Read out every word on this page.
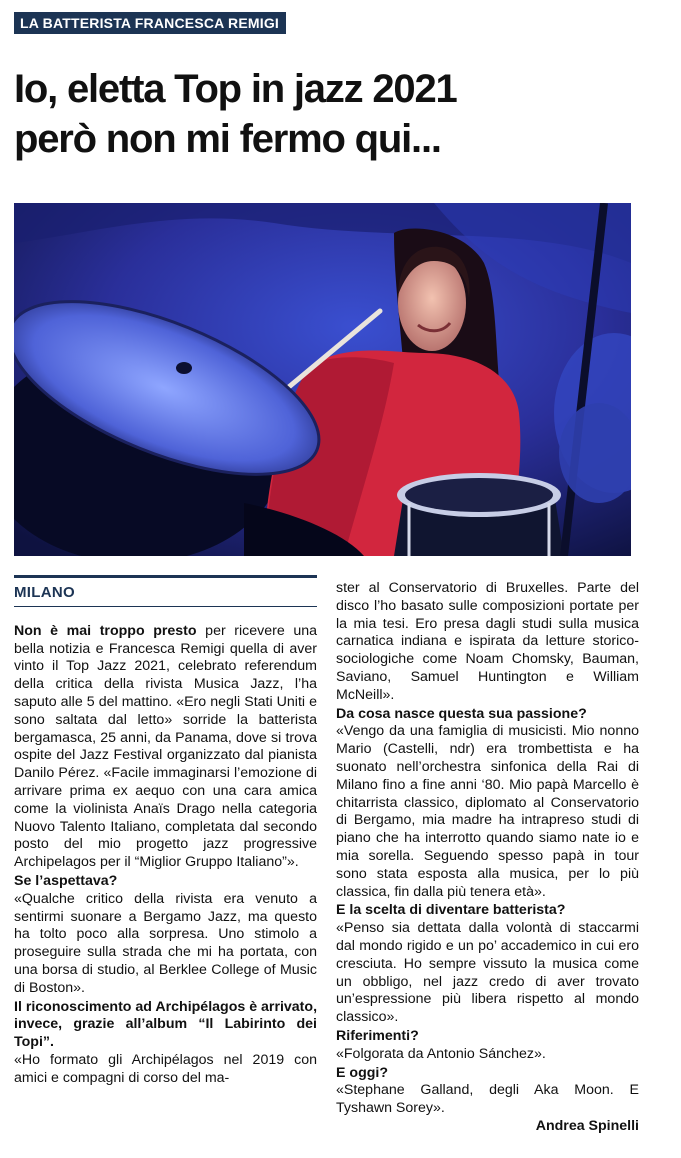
LA BATTERISTA FRANCESCA REMIGI
Io, eletta Top in jazz 2021
però non mi fermo qui...
MILANO

Non è mai troppo presto per ricevere una bella notizia e Francesca Remigi quella di aver vinto il Top Jazz 2021, celebrato referendum della critica della rivista Musica Jazz, l’ha saputo alle 5 del mattino. «Ero negli Stati Uniti e sono saltata dal letto» sorride la batterista bergamasca, 25 anni, da Panama, dove si trova ospite del Jazz Festival organizzato dal pianista Danilo Pérez. «Facile immaginarsi l’emozione di arrivare prima ex aequo con una cara amica come la violinista Anaïs Drago nella categoria Nuovo Talento Italiano, completata dal secondo posto del mio progetto jazz progressive Archipelagos per il “Miglior Gruppo Italiano”».

Se l’aspettava?

«Qualche critico della rivista era venuto a sentirmi suonare a Bergamo Jazz, ma questo ha tolto poco alla sorpresa. Uno stimolo a proseguire sulla strada che mi ha portata, con una borsa di studio, al Berklee College of Music di Boston».

Il riconoscimento ad Archipélagos è arrivato, invece, grazie all’album “Il Labirinto dei Topi”.

«Ho formato gli Archipélagos nel 2019 con amici e compagni di corso del ma-

ster al Conservatorio di Bruxelles. Parte del disco l’ho basato sulle composizioni portate per la mia tesi. Ero presa dagli studi sulla musica carnatica indiana e ispirata da letture storico-sociologiche come Noam Chomsky, Bauman, Saviano, Samuel Huntington e William McNeill».

Da cosa nasce questa sua passione?

«Vengo da una famiglia di musicisti. Mio nonno Mario (Castelli, ndr) era trombettista e ha suonato nell’orchestra sinfonica della Rai di Milano fino a fine anni ‘80. Mio papà Marcello è chitarrista classico, diplomato al Conservatorio di Bergamo, mia madre ha intrapreso studi di piano che ha interrotto quando siamo nate io e mia sorella. Seguendo spesso papà in tour sono stata esposta alla musica, per lo più classica, fin dalla più tenera età».

E la scelta di diventare batterista?

«Penso sia dettata dalla volontà di staccarmi dal mondo rigido e un po’ accademico in cui ero cresciuta. Ho sempre vissuto la musica come un obbligo, nel jazz credo di aver trovato un’espressione più libera rispetto al mondo classico».

Riferimenti?

«Folgorata da Antonio Sánchez».

E oggi?

«Stephane Galland, degli Aka Moon. E Tyshawn Sorey».

Andrea Spinelli
